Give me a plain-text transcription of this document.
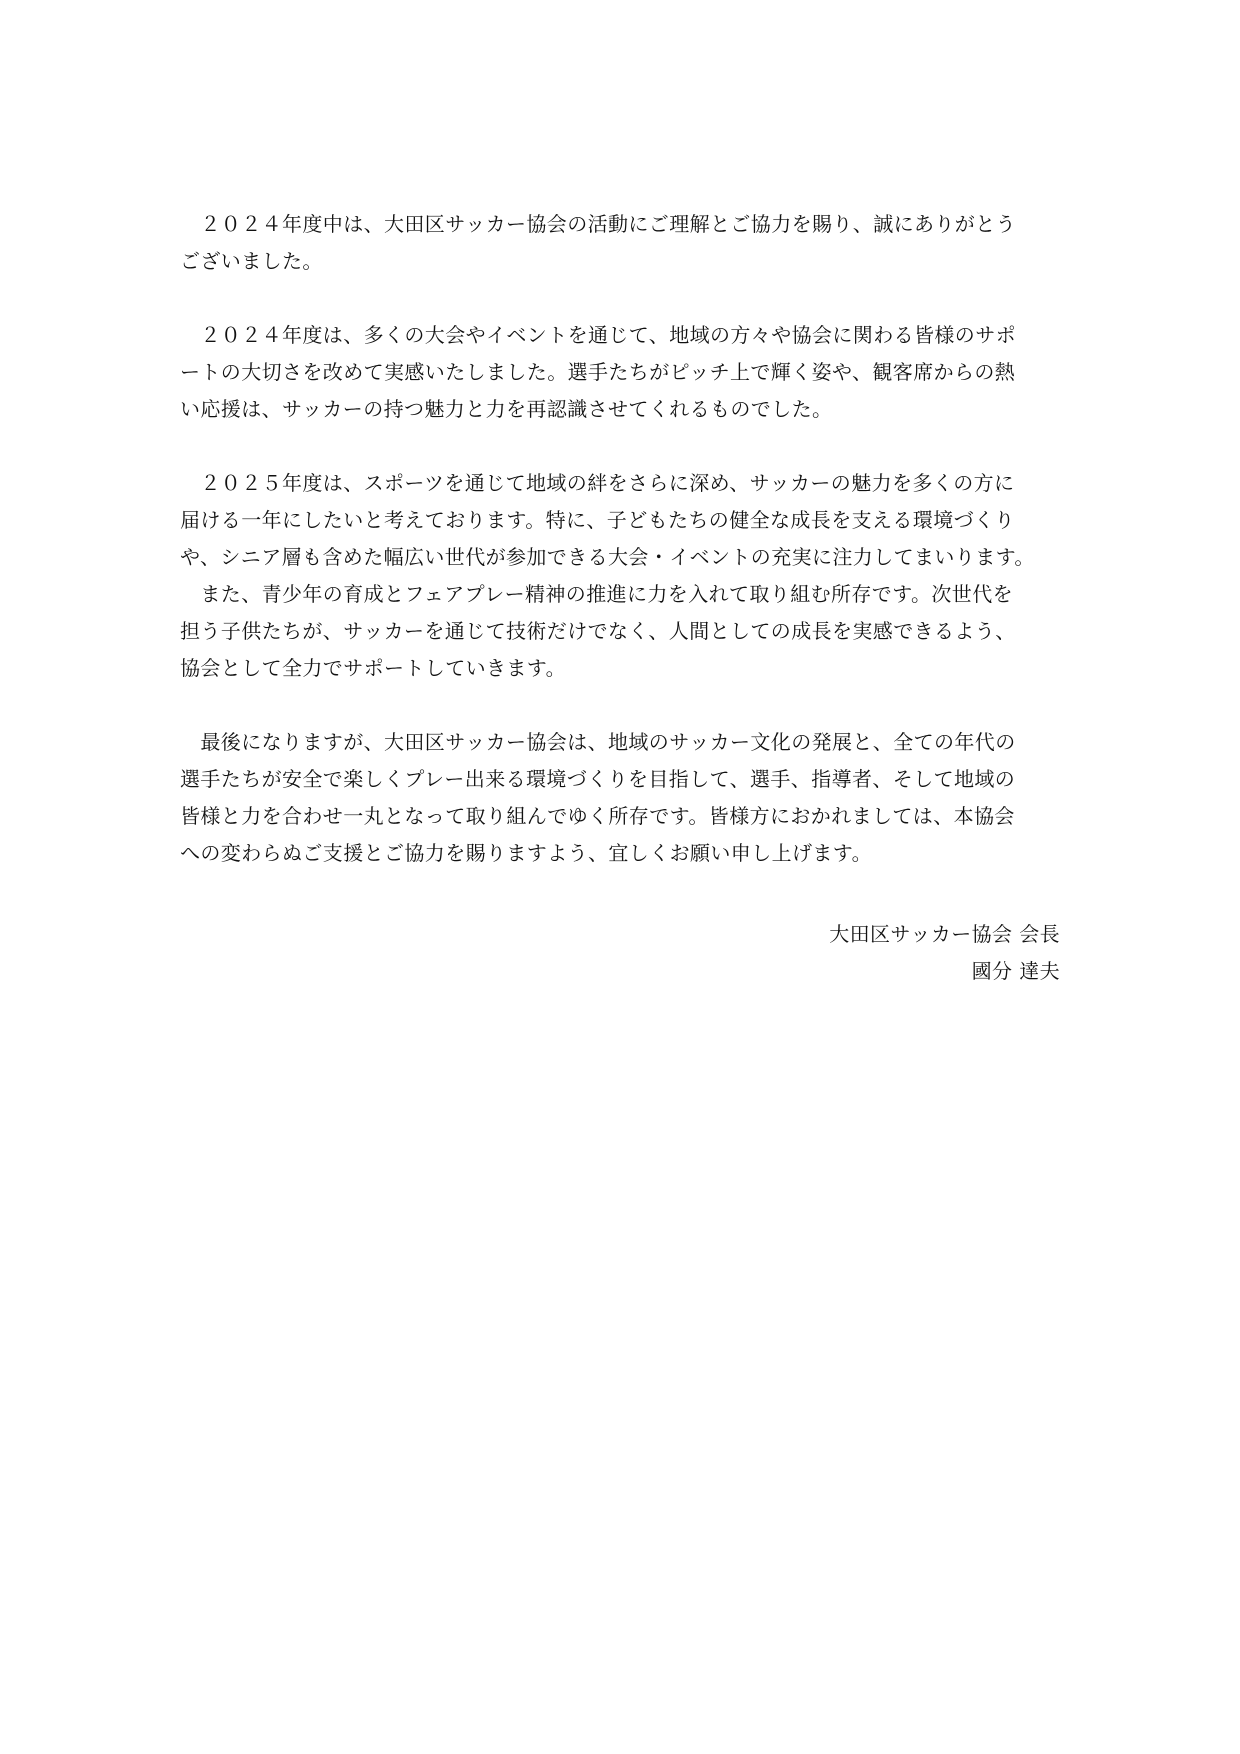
　２０２４年度中は、大田区サッカー協会の活動にご理解とご協力を賜り、誠にありがとう
ございました。

　２０２４年度は、多くの大会やイベントを通じて、地域の方々や協会に関わる皆様のサポ
ートの大切さを改めて実感いたしました。選手たちがピッチ上で輝く姿や、観客席からの熱
い応援は、サッカーの持つ魅力と力を再認識させてくれるものでした。

　２０２５年度は、スポーツを通じて地域の絆をさらに深め、サッカーの魅力を多くの方に
届ける一年にしたいと考えております。特に、子どもたちの健全な成長を支える環境づくり
や、シニア層も含めた幅広い世代が参加できる大会・イベントの充実に注力してまいります。

　また、青少年の育成とフェアプレー精神の推進に力を入れて取り組む所存です。次世代を
担う子供たちが、サッカーを通じて技術だけでなく、人間としての成長を実感できるよう、
協会として全力でサポートしていきます。

　最後になりますが、大田区サッカー協会は、地域のサッカー文化の発展と、全ての年代の
選手たちが安全で楽しくプレー出来る環境づくりを目指して、選手、指導者、そして地域の
皆様と力を合わせ一丸となって取り組んでゆく所存です。皆様方におかれましては、本協会
への変わらぬご支援とご協力を賜りますよう、宜しくお願い申し上げます。

大田区サッカー協会 会長
國分 達夫
